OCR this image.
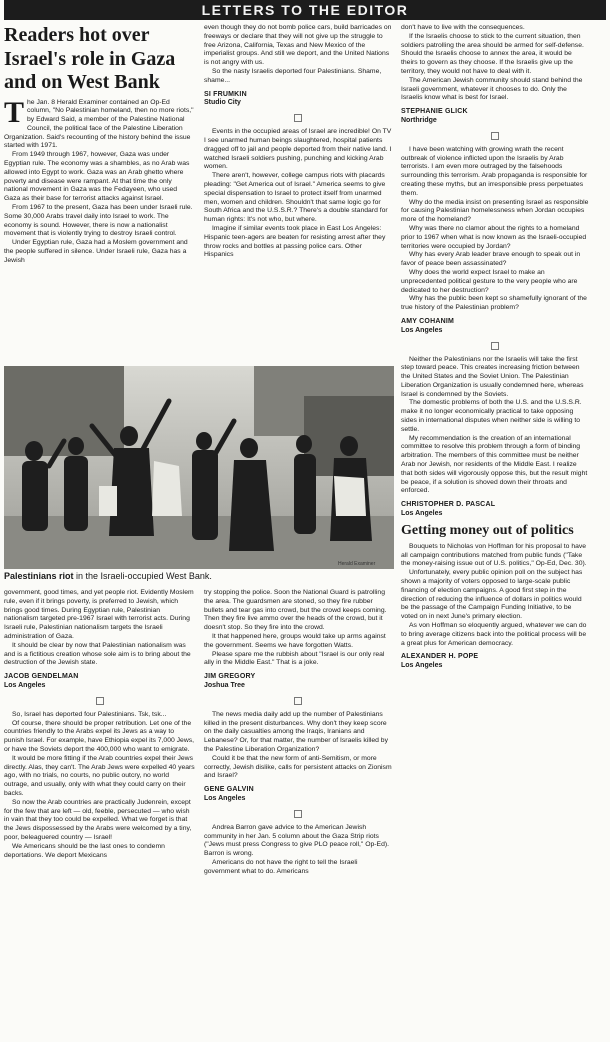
LETTERS TO THE EDITOR
Readers hot over Israel's role in Gaza and on West Bank

The Jan. 8 Herald Examiner contained an Op-Ed column, "No Palestinian homeland, then no more riots," by Edward Said, a member of the Palestine National Council, the political face of the Palestine Liberation Organization. Said's recounting of the history behind the issue started with 1971.

From 1949 through 1967, however, Gaza was under Egyptian rule. The economy was a shambles, as no Arab was allowed into Egypt to work. Gaza was an Arab ghetto where poverty and disease were rampant. At that time the only national movement in Gaza was the Fedayeen, who used Gaza as their base for terrorist attacks against Israel.

From 1967 to the present, Gaza has been under Israeli rule. Some 30,000 Arabs travel daily into Israel to work. The economy is sound. However, there is now a nationalist movement that is violently trying to destroy Israeli control.

Under Egyptian rule, Gaza had a Moslem government and the people suffered in silence. Under Israeli rule, Gaza has a Jewish

even though they do not bomb police cars, build barricades on freeways or declare that they will not give up the struggle to free Arizona, California, Texas and New Mexico of the imperialist groups. And still we deport, and the United Nations is not angry with us.

So the nasty Israelis deported four Palestinians. Shame, shame...

SI FRUMKIN
Studio City

Events in the occupied areas of Israel are incredible! On TV I see unarmed human beings slaughtered, hospital patients dragged off to jail and people deported from their native land. I watched Israeli soldiers pushing, punching and kicking Arab women.

There aren't, however, college campus riots with placards pleading: "Get America out of Israel." America seems to give special dispensation to Israel to protect itself from unarmed men, women and children. Shouldn't that same logic go for South Africa and the U.S.S.R.? There's a double standard for human rights: It's not who, but where.

Imagine if similar events took place in East Los Angeles: Hispanic teen-agers are beaten for resisting arrest after they throw rocks and bottles at passing police cars. Other Hispanics

Herald Examiner
Palestinians riot in the Israeli-occupied West Bank.

government, good times, and yet people riot. Evidently Moslem rule, even if it brings poverty, is preferred to Jewish, which brings good times. During Egyptian rule, Palestinian nationalism targeted pre-1967 Israel with terrorist acts. During Israeli rule, Palestinian nationalism targets the Israeli administration of Gaza.

It should be clear by now that Palestinian nationalism was and is a fictitious creation whose sole aim is to bring about the destruction of the Jewish state.

JACOB GENDELMAN
Los Angeles

So, Israel has deported four Palestinians. Tsk, tsk...

Of course, there should be proper retribution. Let one of the countries friendly to the Arabs expel its Jews as a way to punish Israel. For example, have Ethiopia expel its 7,000 Jews, or have the Soviets deport the 400,000 who want to emigrate.

It would be more fitting if the Arab countries expel their Jews directly. Alas, they can't. The Arab Jews were expelled 40 years ago, with no trials, no courts, no public outcry, no world outrage, and usually, only with what they could carry on their backs.

So now the Arab countries are practically Judenrein, except for the few that are left — old, feeble, persecuted — who wish in vain that they too could be expelled. What we forget is that the Jews dispossessed by the Arabs were welcomed by a tiny, poor, beleaguered country — Israel!

We Americans should be the last ones to condemn deportations. We deport Mexicans

try stopping the police. Soon the National Guard is patrolling the area. The guardsmen are stoned, so they fire rubber bullets and tear gas into crowd, but the crowd keeps coming. Then they fire live ammo over the heads of the crowd, but it doesn't stop. So they fire into the crowd.

It that happened here, groups would take up arms against the government. Seems we have forgotten Watts.

Please spare me the rubbish about "Israel is our only real ally in the Middle East." That is a joke.

JIM GREGORY
Joshua Tree

The news media daily add up the number of Palestinians killed in the present disturbances. Why don't they keep score on the daily casualties among the Iraqis, Iranians and Lebanese? Or, for that matter, the number of Israelis killed by the Palestine Liberation Organization?

Could it be that the new form of anti-Semitism, or more correctly, Jewish dislike, calls for persistent attacks on Zionism and Israel?

GENE GALVIN
Los Angeles

Andrea Barron gave advice to the American Jewish community in her Jan. 5 column about the Gaza Strip riots ("Jews must press Congress to give PLO peace roll," Op-Ed). Barron is wrong.

Americans do not have the right to tell the Israeli government what to do. Americans

don't have to live with the consequences.

If the Israelis choose to stick to the current situation, then soldiers patrolling the area should be armed for self-defense. Should the Israelis choose to annex the area, it would be theirs to govern as they choose. If the Israelis give up the territory, they would not have to deal with it.

The American Jewish community should stand behind the Israeli government, whatever it chooses to do. Only the Israelis know what is best for Israel.

STEPHANIE GLICK
Northridge

I have been watching with growing wrath the recent outbreak of violence inflicted upon the Israelis by Arab terrorists. I am even more outraged by the falsehoods surrounding this terrorism. Arab propaganda is responsible for creating these myths, but an irresponsible press perpetuates them.

Why do the media insist on presenting Israel as responsible for causing Palestinian homelessness when Jordan occupies more of the homeland?

Why was there no clamor about the rights to a homeland prior to 1967 when what is now known as the Israeli-occupied territories were occupied by Jordan?

Why has every Arab leader brave enough to speak out in favor of peace been assassinated?

Why does the world expect Israel to make an unprecedented political gesture to the very people who are dedicated to her destruction?

Why has the public been kept so shamefully ignorant of the true history of the Palestinian problem?

AMY COHANIM
Los Angeles

Neither the Palestinians nor the Israelis will take the first step toward peace. This creates increasing friction between the United States and the Soviet Union. The Palestinian Liberation Organization is usually condemned here, whereas Israel is condemned by the Soviets.

The domestic problems of both the U.S. and the U.S.S.R. make it no longer economically practical to take opposing sides in international disputes when neither side is willing to settle.

My recommendation is the creation of an international committee to resolve this problem through a form of binding arbitration. The members of this committee must be neither Arab nor Jewish, nor residents of the Middle East. I realize that both sides will vigorously oppose this, but the result might be peace, if a solution is shoved down their throats and enforced.

CHRISTOPHER D. PASCAL
Los Angeles
Getting money out of politics

Bouquets to Nicholas von Hoffman for his proposal to have all campaign contributions matched from public funds ("Take the money-raising issue out of U.S. politics," Op-Ed, Dec. 30).

Unfortunately, every public opinion poll on the subject has shown a majority of voters opposed to large-scale public financing of election campaigns. A good first step in the direction of reducing the influence of dollars in politics would be the passage of the Campaign Funding Initiative, to be voted on in next June's primary election.

As von Hoffman so eloquently argued, whatever we can do to bring average citizens back into the political process will be a great plus for American democracy.

ALEXANDER H. POPE
Los Angeles
